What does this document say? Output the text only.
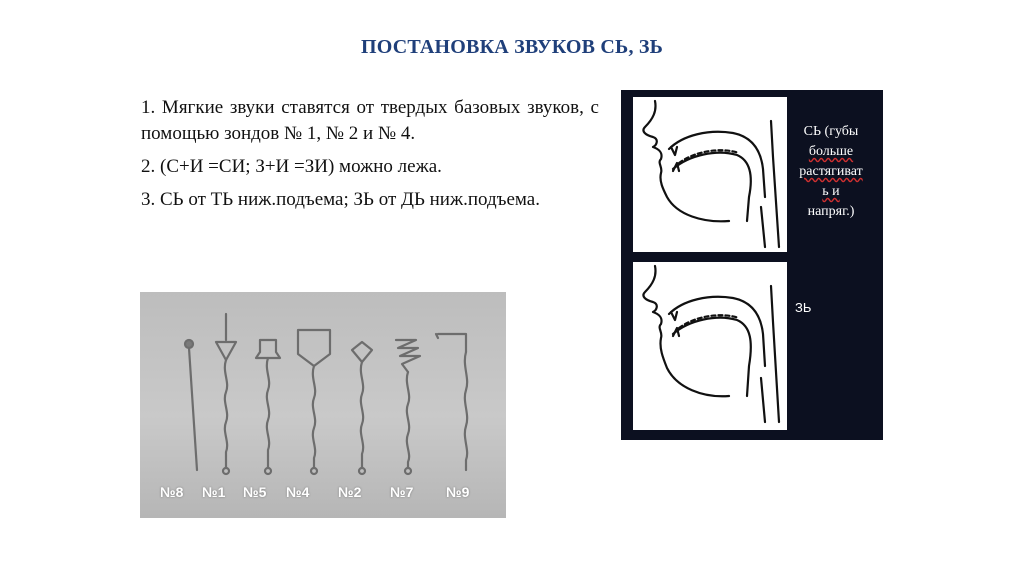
ПОСТАНОВКА ЗВУКОВ СЬ, ЗЬ

1. Мягкие звуки ставятся от твердых базовых звуков, с помощью зондов № 1, № 2 и № 4.

2. (С+И =СИ; З+И =ЗИ) можно лежа.

3. СЬ от ТЬ ниж.подъема; ЗЬ от ДЬ ниж.подъема.

№8 №1 №5 №4 №2 №7 №9
СЬ (губы
больше
растягиват
ь и
напряг.)
ЗЬ
